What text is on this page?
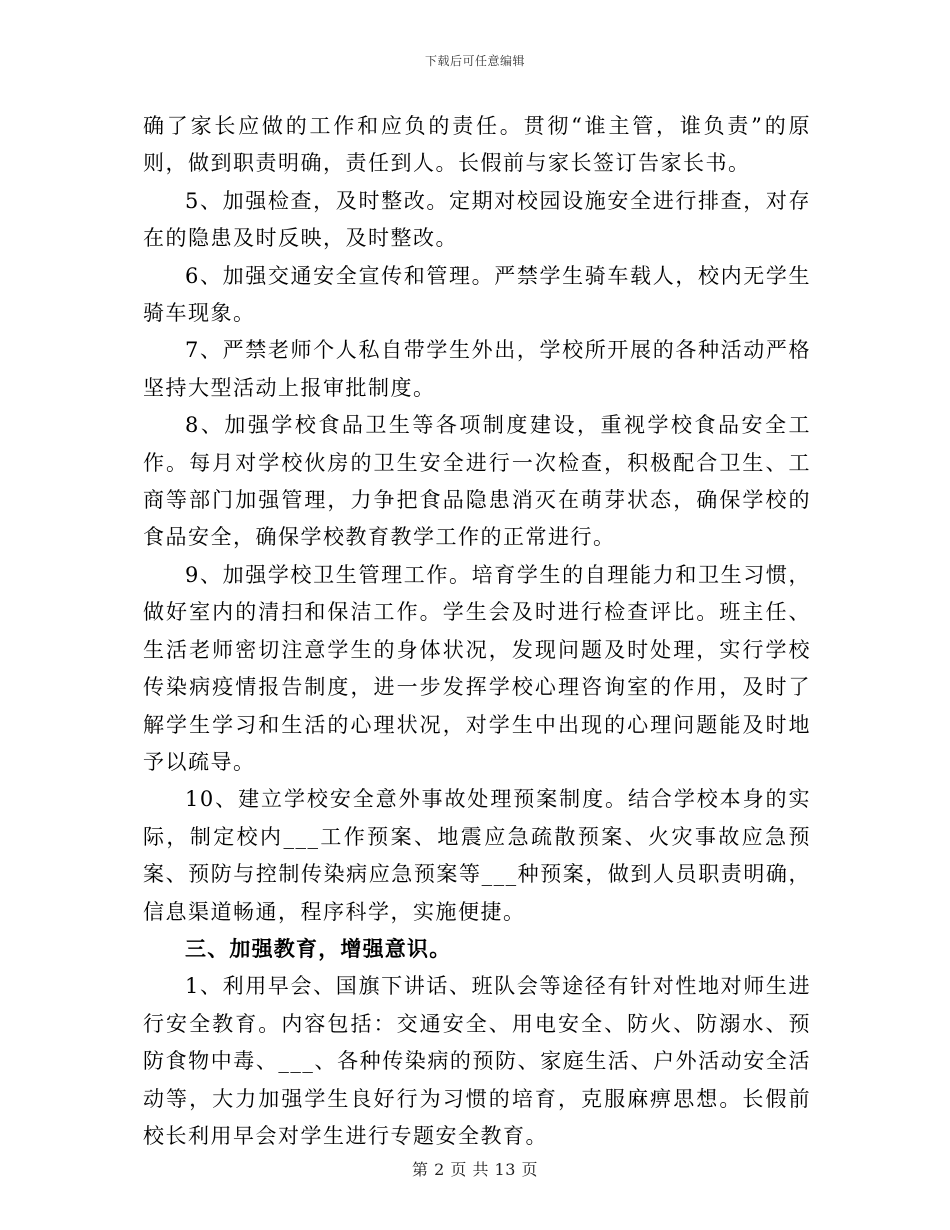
下载后可任意编辑

确了家长应做的工作和应负的责任。贯彻“谁主管，谁负责”的原则，做到职责明确，责任到人。长假前与家长签订告家长书。

5、加强检查，及时整改。定期对校园设施安全进行排查，对存在的隐患及时反映，及时整改。

6、加强交通安全宣传和管理。严禁学生骑车载人，校内无学生骑车现象。

7、严禁老师个人私自带学生外出，学校所开展的各种活动严格坚持大型活动上报审批制度。

8、加强学校食品卫生等各项制度建设，重视学校食品安全工作。每月对学校伙房的卫生安全进行一次检查，积极配合卫生、工商等部门加强管理，力争把食品隐患消灭在萌芽状态，确保学校的食品安全，确保学校教育教学工作的正常进行。

9、加强学校卫生管理工作。培育学生的自理能力和卫生习惯，做好室内的清扫和保洁工作。学生会及时进行检查评比。班主任、生活老师密切注意学生的身体状况，发现问题及时处理，实行学校传染病疫情报告制度，进一步发挥学校心理咨询室的作用，及时了解学生学习和生活的心理状况，对学生中出现的心理问题能及时地予以疏导。

10、建立学校安全意外事故处理预案制度。结合学校本身的实际，制定校内___工作预案、地震应急疏散预案、火灾事故应急预案、预防与控制传染病应急预案等___种预案，做到人员职责明确，信息渠道畅通，程序科学，实施便捷。

三、加强教育，增强意识。

1、利用早会、国旗下讲话、班队会等途径有针对性地对师生进行安全教育。内容包括：交通安全、用电安全、防火、防溺水、预防食物中毒、___、各种传染病的预防、家庭生活、户外活动安全活动等，大力加强学生良好行为习惯的培育，克服麻痹思想。长假前校长利用早会对学生进行专题安全教育。

第 2 页 共 13 页
